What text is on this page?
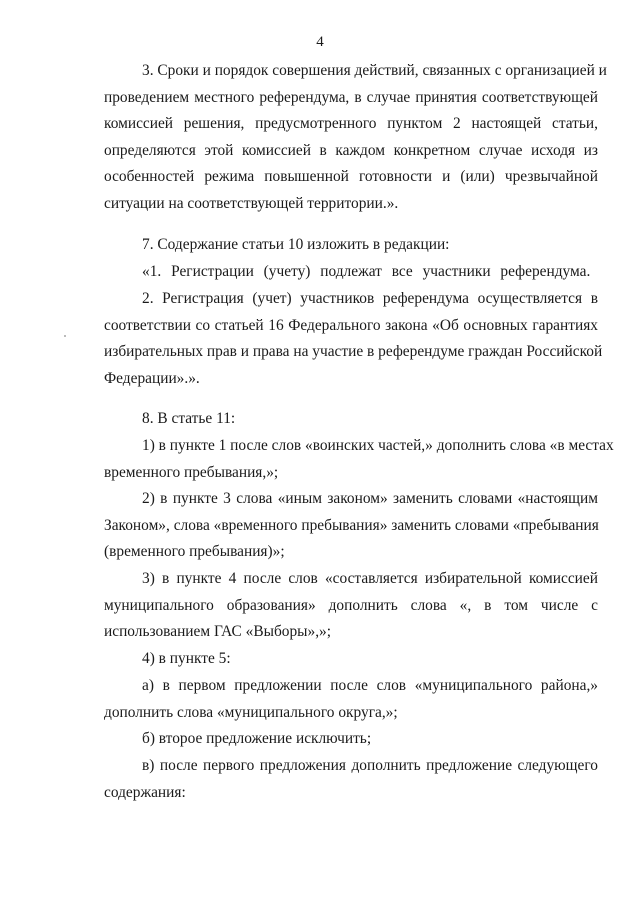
4
3. Сроки и порядок совершения действий, связанных с организацией и
проведением местного референдума, в случае принятия соответствующей
комиссией решения, предусмотренного пунктом 2 настоящей статьи,
определяются этой комиссией в каждом конкретном случае исходя из
особенностей режима повышенной готовности и (или) чрезвычайной
ситуации на соответствующей территории.».
7. Содержание статьи 10 изложить в редакции:
«1. Регистрации (учету) подлежат все участники референдума.
2. Регистрация (учет) участников референдума осуществляется в
соответствии со статьей 16 Федерального закона «Об основных гарантиях
избирательных прав и права на участие в референдуме граждан Российской
Федерации».».
8. В статье 11:
1) в пункте 1 после слов «воинских частей,» дополнить слова «в местах
временного пребывания,»;
2) в пункте 3 слова «иным законом» заменить словами «настоящим
Законом», слова «временного пребывания» заменить словами «пребывания
(временного пребывания)»;
3) в пункте 4 после слов «составляется избирательной комиссией
муниципального образования» дополнить слова «, в том числе с
использованием ГАС «Выборы»,»;
4) в пункте 5:
а) в первом предложении после слов «муниципального района,»
дополнить слова «муниципального округа,»;
б) второе предложение исключить;
в) после первого предложения дополнить предложение следующего
содержания:
